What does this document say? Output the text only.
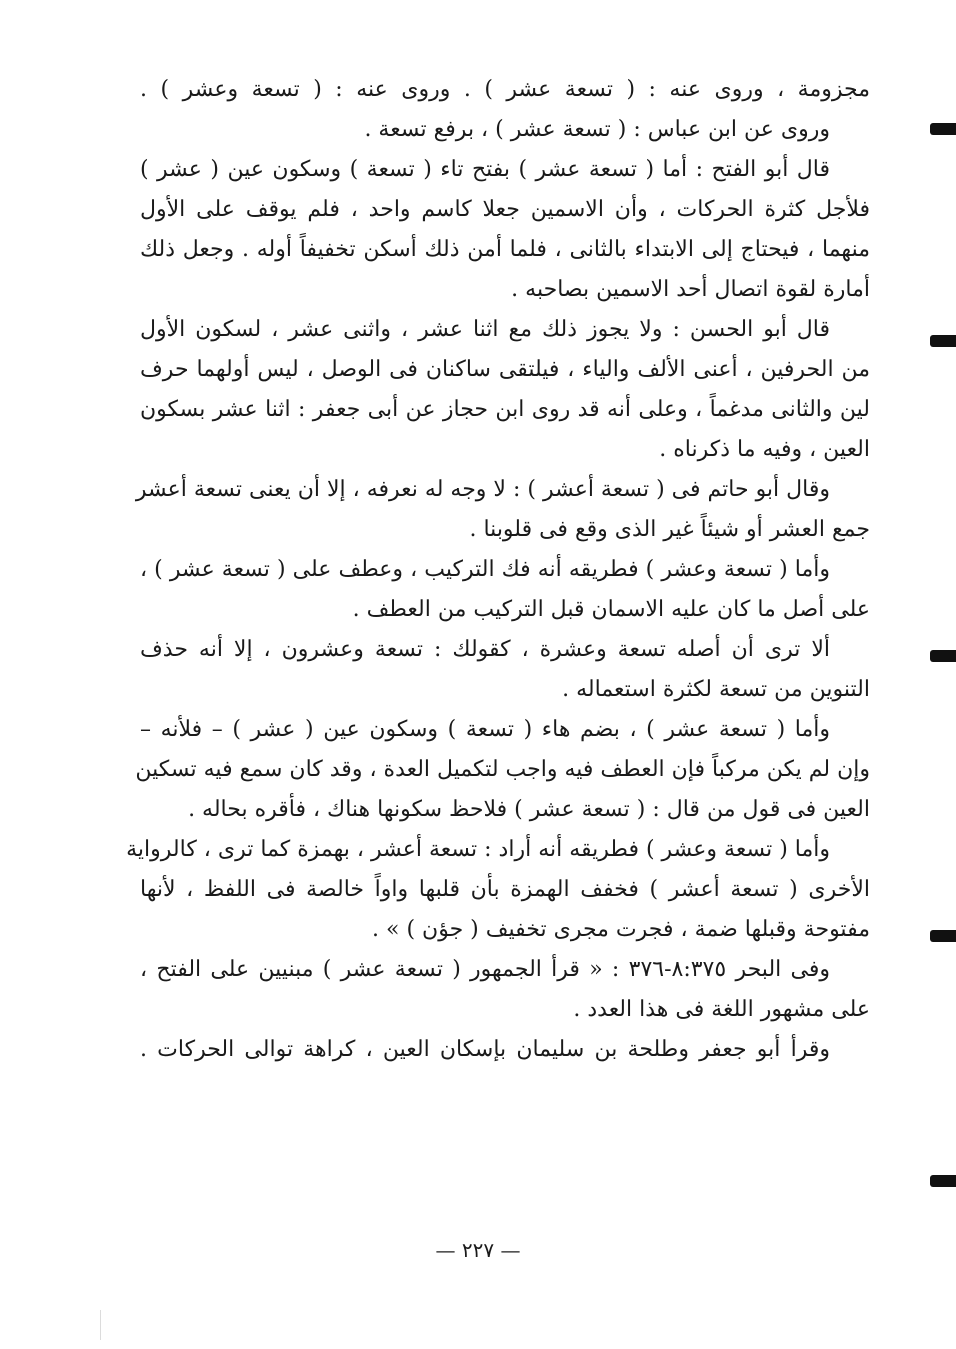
مجزومة ، وروى عنه : ( تسعة عشر ) . وروى عنه : ( تسعة وعشر ) .
وروى عن ابن عباس : ( تسعة عشر ) ، برفع تسعة .
قال أبو الفتح : أما ( تسعة عشر ) بفتح تاء ( تسعة ) وسكون عين ( عشر )
فلأجل كثرة الحركات ، وأن الاسمين جعلا كاسم واحد ، فلم يوقف على الأول
منهما ، فيحتاج إلى الابتداء بالثانى ، فلما أمن ذلك أسكن تخفيفاً أوله . وجعل ذلك
أمارة لقوة اتصال أحد الاسمين بصاحبه .
قال أبو الحسن : ولا يجوز ذلك مع اثنا عشر ، واثنى عشر ، لسكون الأول
من الحرفين ، أعنى الألف والياء ، فيلتقى ساكنان فى الوصل ، ليس أولهما حرف
لين والثانى مدغماً ، وعلى أنه قد روى ابن حجاز عن أبى جعفر : اثنا عشر بسكون
العين ، وفيه ما ذكرناه .
وقال أبو حاتم فى ( تسعة أعشر ) : لا وجه له نعرفه ، إلا أن يعنى تسعة أعشر
جمع العشر أو شيئاً غير الذى وقع فى قلوبنا .
وأما ( تسعة وعشر ) فطريقه أنه فك التركيب ، وعطف على ( تسعة عشر ) ،
على أصل ما كان عليه الاسمان قبل التركيب من العطف .
ألا ترى أن أصله تسعة وعشرة ، كقولك : تسعة وعشرون ، إلا أنه حذف
التنوين من تسعة لكثرة استعماله .
وأما ( تسعة عشر ) ، بضم هاء ( تسعة ) وسكون عين ( عشر ) – فلأنه –
وإن لم يكن مركباً فإن العطف فيه واجب لتكميل العدة ، وقد كان سمع فيه تسكين
العين فى قول من قال : ( تسعة عشر ) فلاحظ سكونها هناك ، فأقره بحاله .
وأما ( تسعة وعشر ) فطريقه أنه أراد : تسعة أعشر ، بهمزة كما ترى ، كالرواية
الأخرى ( تسعة أعشر ) فخفف الهمزة بأن قلبها واواً خالصة فى اللفظ ، لأنها
مفتوحة وقبلها ضمة ، فجرت مجرى تخفيف ( جؤن ) » .
وفى البحر ٨:٣٧٥-٣٧٦ : « قرأ الجمهور ( تسعة عشر ) مبنيين على الفتح ،
على مشهور اللغة فى هذا العدد .
وقرأ أبو جعفر وطلحة بن سليمان بإسكان العين ، كراهة توالى الحركات .
— ٢٢٧ —
